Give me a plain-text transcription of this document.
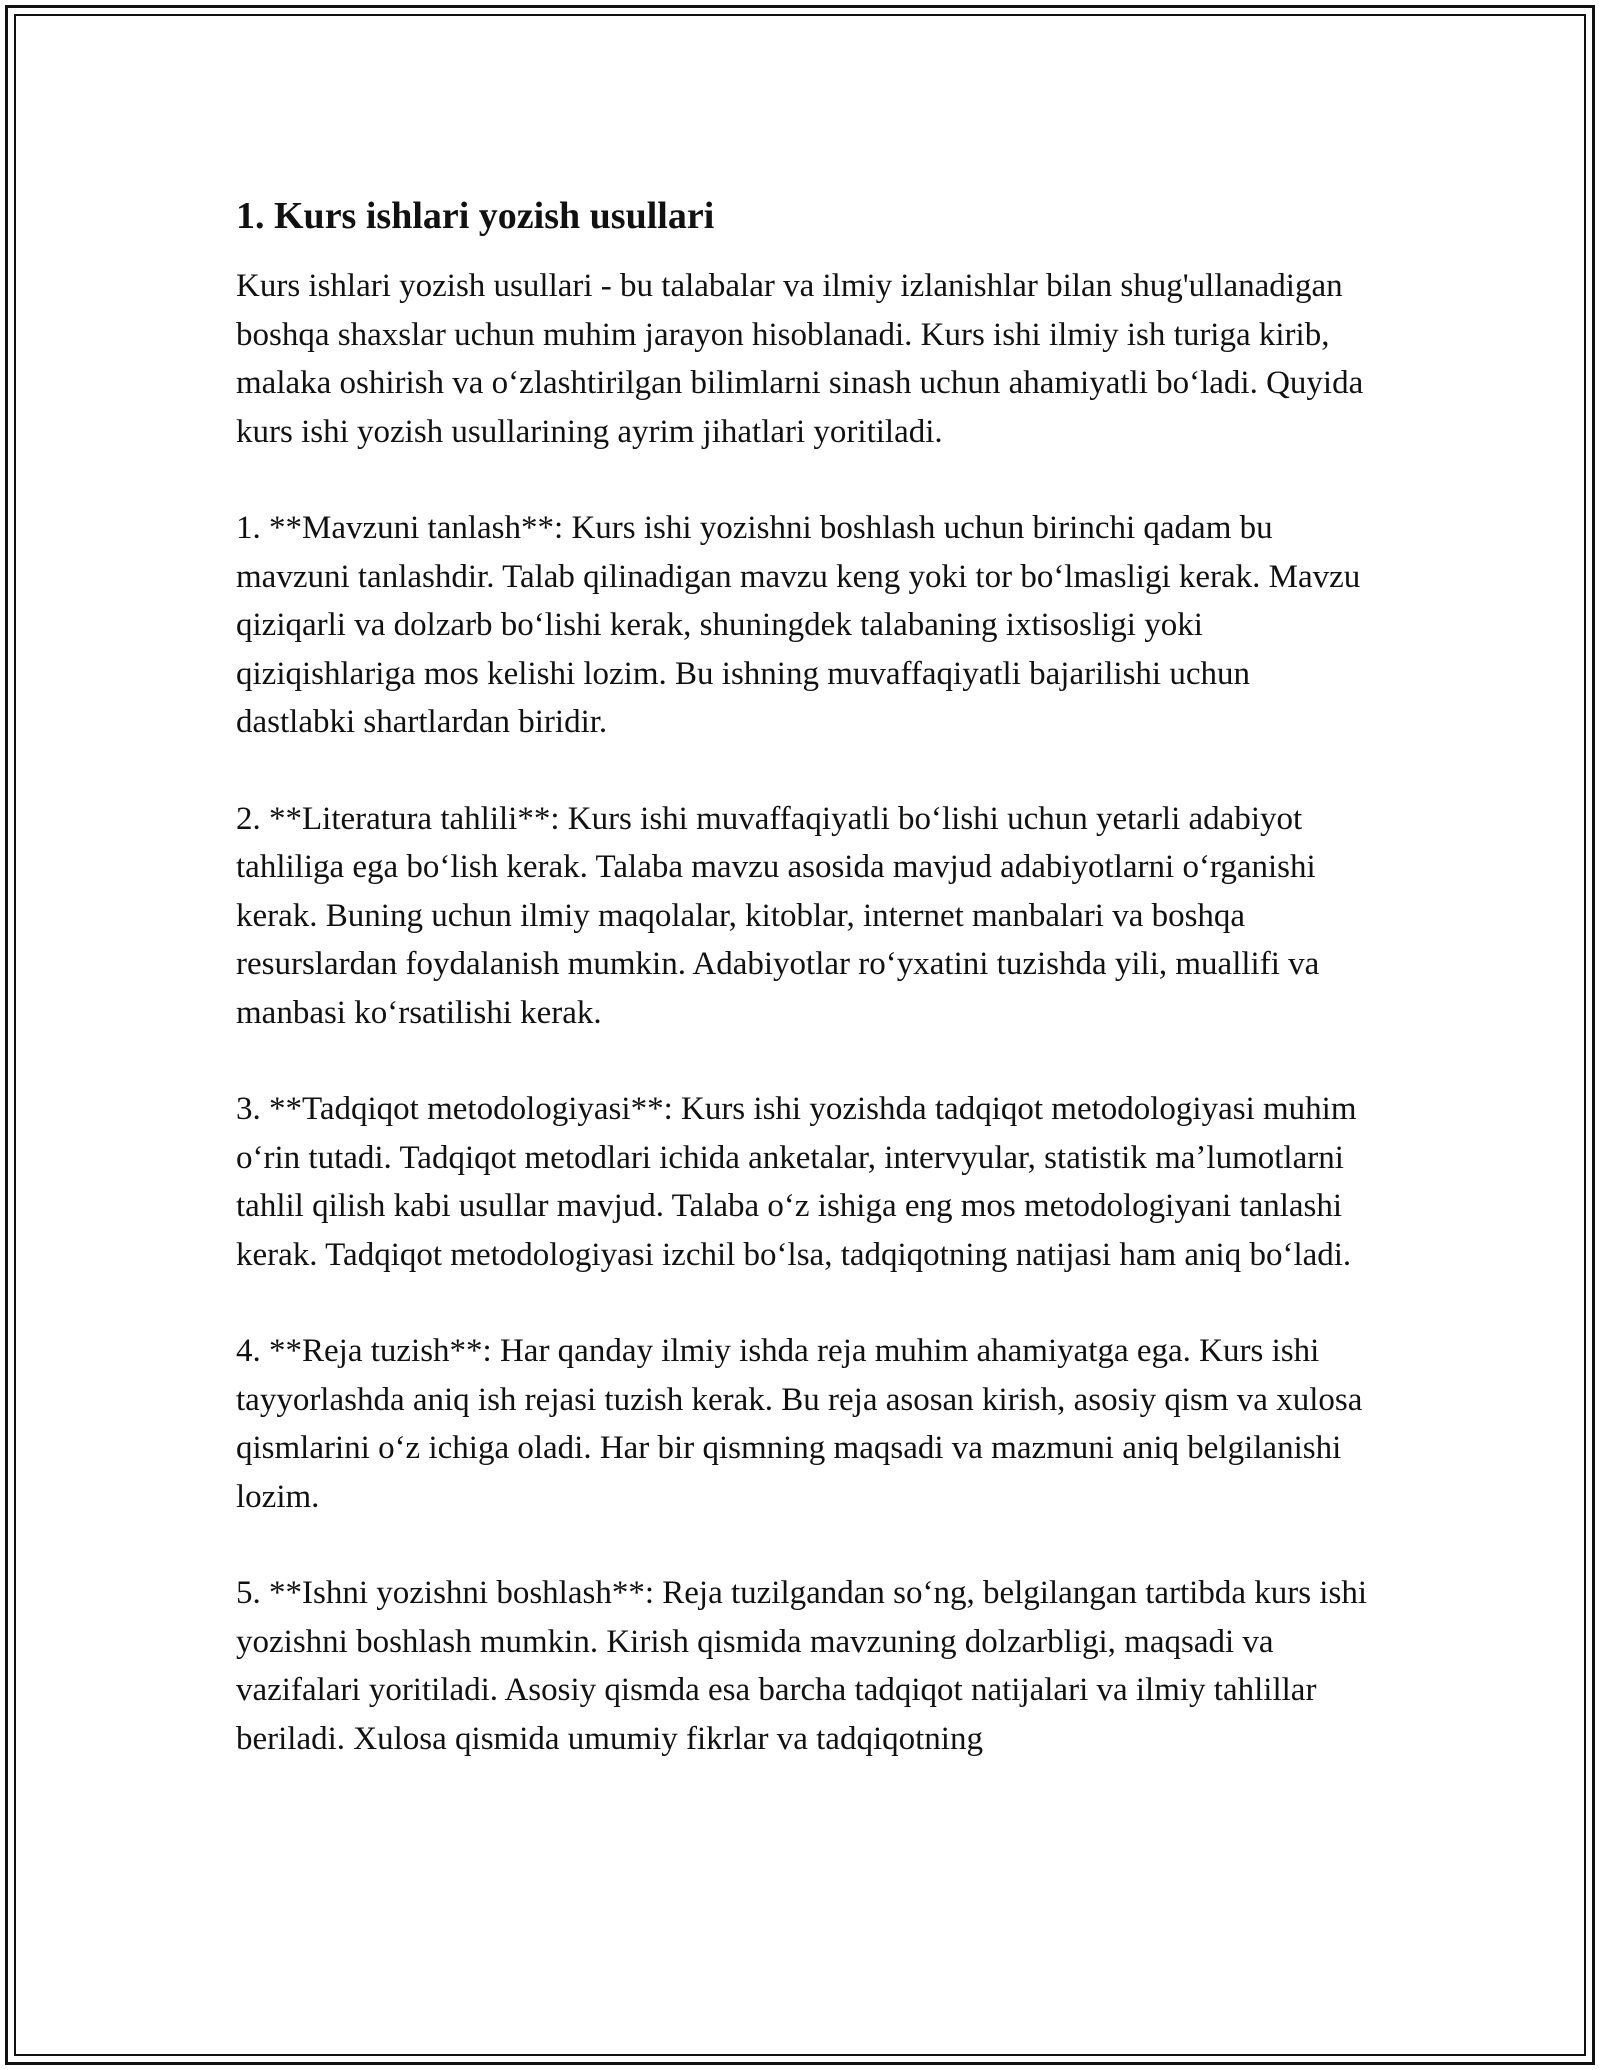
1. Kurs ishlari yozish usullari

Kurs ishlari yozish usullari - bu talabalar va ilmiy izlanishlar bilan shug'ullanadigan boshqa shaxslar uchun muhim jarayon hisoblanadi. Kurs ishi ilmiy ish turiga kirib, malaka oshirish va oʻzlashtirilgan bilimlarni sinash uchun ahamiyatli boʻladi. Quyida kurs ishi yozish usullarining ayrim jihatlari yoritiladi.

1. **Mavzuni tanlash**: Kurs ishi yozishni boshlash uchun birinchi qadam bu mavzuni tanlashdir. Talab qilinadigan mavzu keng yoki tor boʻlmasligi kerak. Mavzu qiziqarli va dolzarb boʻlishi kerak, shuningdek talabaning ixtisosligi yoki qiziqishlariga mos kelishi lozim. Bu ishning muvaffaqiyatli bajarilishi uchun dastlabki shartlardan biridir.

2. **Literatura tahlili**: Kurs ishi muvaffaqiyatli boʻlishi uchun yetarli adabiyot tahliliga ega boʻlish kerak. Talaba mavzu asosida mavjud adabiyotlarni oʻrganishi kerak. Buning uchun ilmiy maqolalar, kitoblar, internet manbalari va boshqa resurslardan foydalanish mumkin. Adabiyotlar roʻyxatini tuzishda yili, muallifi va manbasi koʻrsatilishi kerak.

3. **Tadqiqot metodologiyasi**: Kurs ishi yozishda tadqiqot metodologiyasi muhim oʻrin tutadi. Tadqiqot metodlari ichida anketalar, intervyular, statistik maʼlumotlarni tahlil qilish kabi usullar mavjud. Talaba oʻz ishiga eng mos metodologiyani tanlashi kerak. Tadqiqot metodologiyasi izchil boʻlsa, tadqiqotning natijasi ham aniq boʻladi.

4. **Reja tuzish**: Har qanday ilmiy ishda reja muhim ahamiyatga ega. Kurs ishi tayyorlashda aniq ish rejasi tuzish kerak. Bu reja asosan kirish, asosiy qism va xulosa qismlarini oʻz ichiga oladi. Har bir qismning maqsadi va mazmuni aniq belgilanishi lozim.

5. **Ishni yozishni boshlash**: Reja tuzilgandan soʻng, belgilangan tartibda kurs ishi yozishni boshlash mumkin. Kirish qismida mavzuning dolzarbligi, maqsadi va vazifalari yoritiladi. Asosiy qismda esa barcha tadqiqot natijalari va ilmiy tahlillar beriladi. Xulosa qismida umumiy fikrlar va tadqiqotning
